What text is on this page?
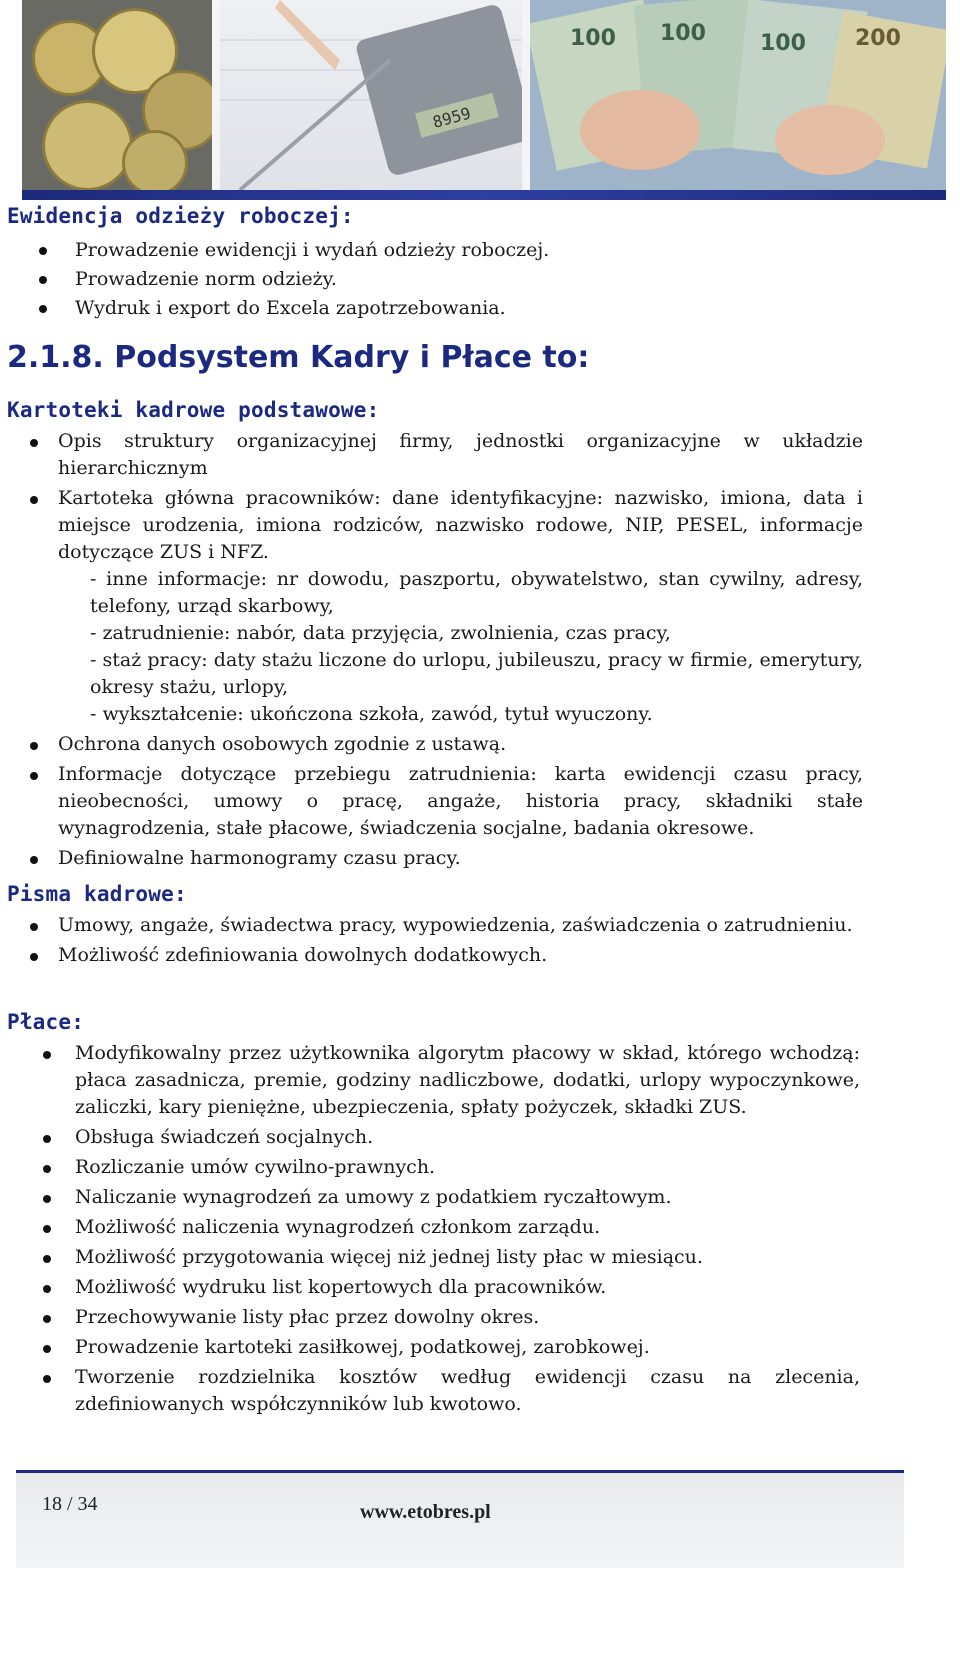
8959
100 100 100 200
Ewidencja odzieży roboczej:
Prowadzenie ewidencji i wydań odzieży roboczej.
Prowadzenie norm odzieży.
Wydruk i export do Excela zapotrzebowania.
2.1.8. Podsystem Kadry i Płace to:
Kartoteki kadrowe podstawowe:
Opis struktury organizacyjnej firmy, jednostki organizacyjne w układzie hierarchicznym
Kartoteka główna pracowników: dane identyfikacyjne: nazwisko, imiona, data i miejsce urodzenia, imiona rodziców, nazwisko rodowe, NIP, PESEL, informacje dotyczące ZUS i NFZ.
- inne informacje: nr dowodu, paszportu, obywatelstwo, stan cywilny, adresy, telefony, urząd skarbowy,
- zatrudnienie: nabór, data przyjęcia, zwolnienia, czas pracy,
- staż pracy: daty stażu liczone do urlopu, jubileuszu, pracy w firmie, emerytury, okresy stażu, urlopy,
- wykształcenie: ukończona szkoła, zawód, tytuł wyuczony.
Ochrona danych osobowych zgodnie z ustawą.
Informacje dotyczące przebiegu zatrudnienia: karta ewidencji czasu pracy, nieobecności, umowy o pracę, angaże, historia pracy, składniki stałe wynagrodzenia, stałe płacowe, świadczenia socjalne, badania okresowe.
Definiowalne harmonogramy czasu pracy.
Pisma kadrowe:
Umowy, angaże, świadectwa pracy, wypowiedzenia, zaświadczenia o zatrudnieniu.
Możliwość zdefiniowania dowolnych dodatkowych.
Płace:
Modyfikowalny przez użytkownika algorytm płacowy w skład, którego wchodzą: płaca zasadnicza, premie, godziny nadliczbowe, dodatki, urlopy wypoczynkowe, zaliczki, kary pieniężne, ubezpieczenia, spłaty pożyczek, składki ZUS.
Obsługa świadczeń socjalnych.
Rozliczanie umów cywilno-prawnych.
Naliczanie wynagrodzeń za umowy z podatkiem ryczałtowym.
Możliwość naliczenia wynagrodzeń członkom zarządu.
Możliwość przygotowania więcej niż jednej listy płac w miesiącu.
Możliwość wydruku list kopertowych dla pracowników.
Przechowywanie listy płac przez dowolny okres.
Prowadzenie kartoteki zasiłkowej, podatkowej, zarobkowej.
Tworzenie rozdzielnika kosztów według ewidencji czasu na zlecenia, zdefiniowanych współczynników lub kwotowo.
18 / 34	www.etobres.pl
